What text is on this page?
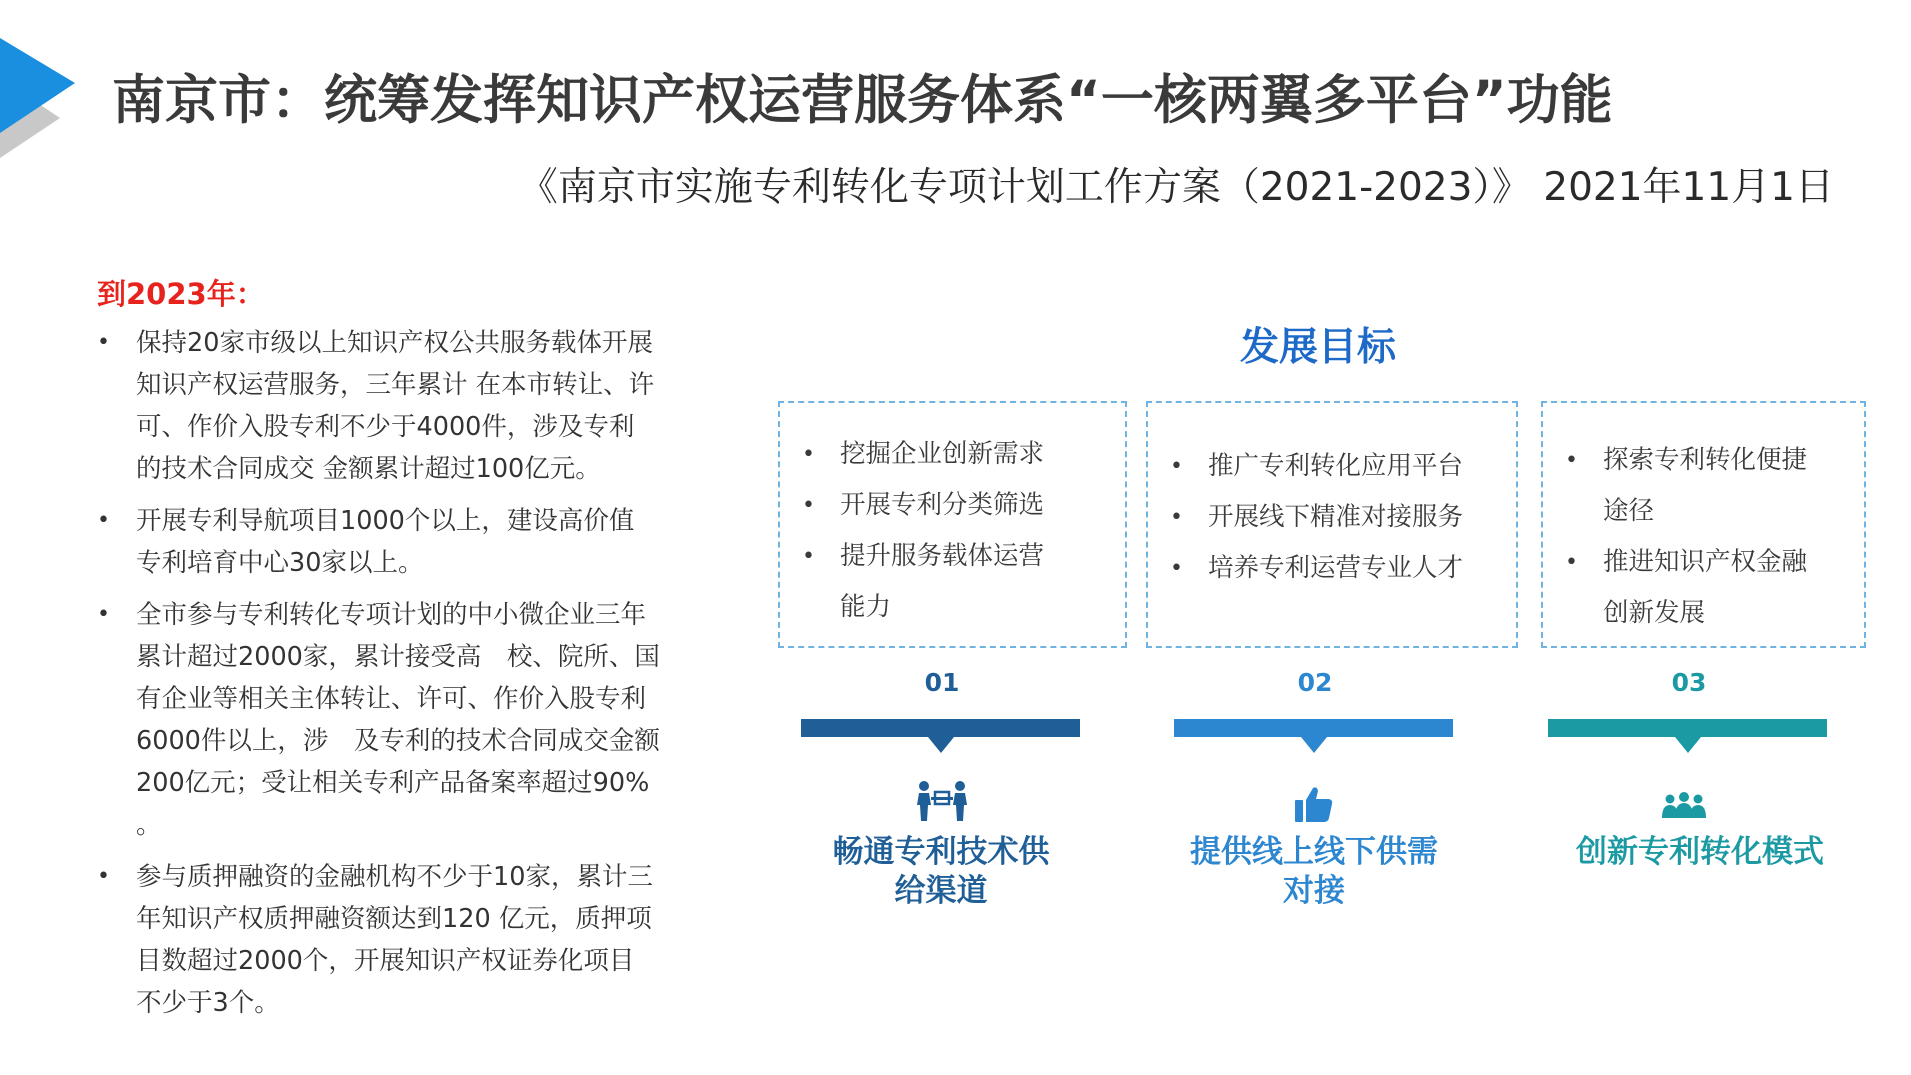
南京市：统筹发挥知识产权运营服务体系“一核两翼多平台”功能
《南京市实施专利转化专项计划工作方案（2021-2023）》 2021年11月1日
到2023年：
• 保持20家市级以上知识产权公共服务载体开展
知识产权运营服务，三年累计 在本市转让、许
可、作价入股专利不少于4000件，涉及专利
的技术合同成交 金额累计超过100亿元。
• 开展专利导航项目1000个以上，建设高价值
专利培育中心30家以上。
• 全市参与专利转化专项计划的中小微企业三年
累计超过2000家，累计接受高　校、院所、国
有企业等相关主体转让、许可、作价入股专利
6000件以上，涉　及专利的技术合同成交金额
200亿元；受让相关专利产品备案率超过90%
。
• 参与质押融资的金融机构不少于10家，累计三
年知识产权质押融资额达到120 亿元，质押项
目数超过2000个，开展知识产权证券化项目
不少于3个。
发展目标
• 挖掘企业创新需求
• 开展专利分类筛选
• 提升服务载体运营
能力
• 推广专利转化应用平台
• 开展线下精准对接服务
• 培养专利运营专业人才
• 探索专利转化便捷
途径
• 推进知识产权金融
创新发展
01	02	03
畅通专利技术供
给渠道
提供线上线下供需
对接
创新专利转化模式
